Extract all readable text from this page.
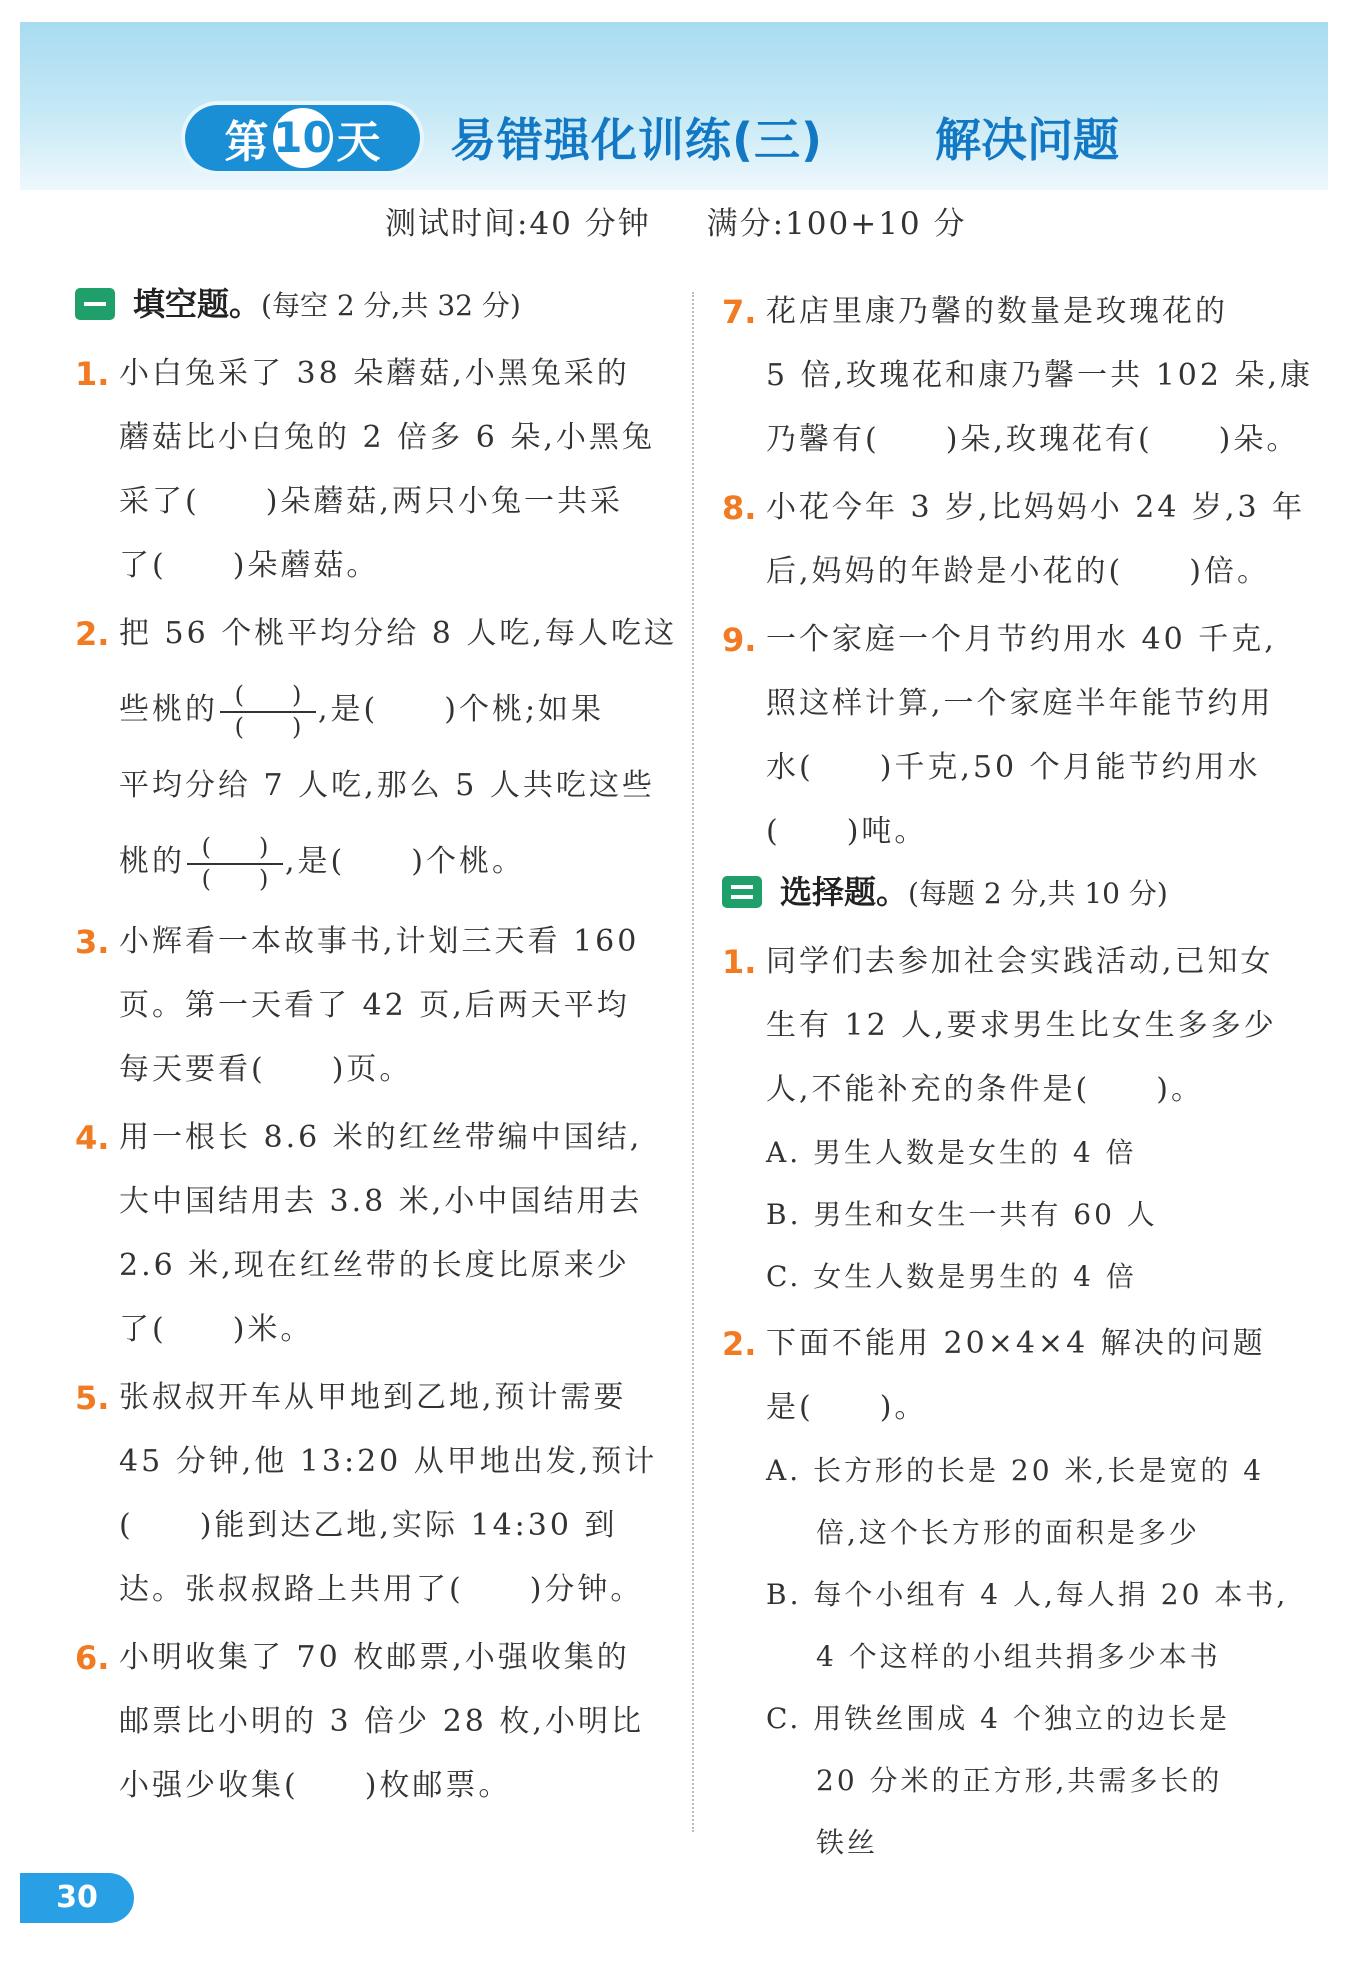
第 10 天 易错强化训练(三) 解决问题
测试时间:40 分钟 满分:100+10 分
填空题。(每空 2 分,共 32 分)
1. 小白兔采了 38 朵蘑菇,小黑兔采的
蘑菇比小白兔的 2 倍多 6 朵,小黑兔
采了(　　)朵蘑菇,两只小兔一共采
了(　　)朵蘑菇。
2. 把 56 个桃平均分给 8 人吃,每人吃这
些桃的 $\frac{( )}{( )}$ ,是(　　)个桃;如果
平均分给 7 人吃,那么 5 人共吃这些
桃的 $\frac{( )}{( )}$ ,是(　　)个桃。
3. 小辉看一本故事书,计划三天看 160
页。第一天看了 42 页,后两天平均
每天要看(　　)页。
4. 用一根长 8.6 米的红丝带编中国结,
大中国结用去 3.8 米,小中国结用去
2.6 米,现在红丝带的长度比原来少
了(　　)米。
5. 张叔叔开车从甲地到乙地,预计需要
45 分钟,他 13:20 从甲地出发,预计
(　　)能到达乙地,实际 14:30 到
达。张叔叔路上共用了(　　)分钟。
6. 小明收集了 70 枚邮票,小强收集的
邮票比小明的 3 倍少 28 枚,小明比
小强少收集(　　)枚邮票。
7. 花店里康乃馨的数量是玫瑰花的
5 倍,玫瑰花和康乃馨一共 102 朵,康
乃馨有(　　)朵,玫瑰花有(　　)朵。
8. 小花今年 3 岁,比妈妈小 24 岁,3 年
后,妈妈的年龄是小花的(　　)倍。
9. 一个家庭一个月节约用水 40 千克,
照这样计算,一个家庭半年能节约用
水(　　)千克,50 个月能节约用水
(　　)吨。
选择题。(每题 2 分,共 10 分)
1. 同学们去参加社会实践活动,已知女
生有 12 人,要求男生比女生多多少
人,不能补充的条件是(　　)。
A. 男生人数是女生的 4 倍
B. 男生和女生一共有 60 人
C. 女生人数是男生的 4 倍
2. 下面不能用 20×4×4 解决的问题
是(　　)。
A. 长方形的长是 20 米,长是宽的 4
倍,这个长方形的面积是多少
B. 每个小组有 4 人,每人捐 20 本书,
4 个这样的小组共捐多少本书
C. 用铁丝围成 4 个独立的边长是
20 分米的正方形,共需多长的
铁丝
30
